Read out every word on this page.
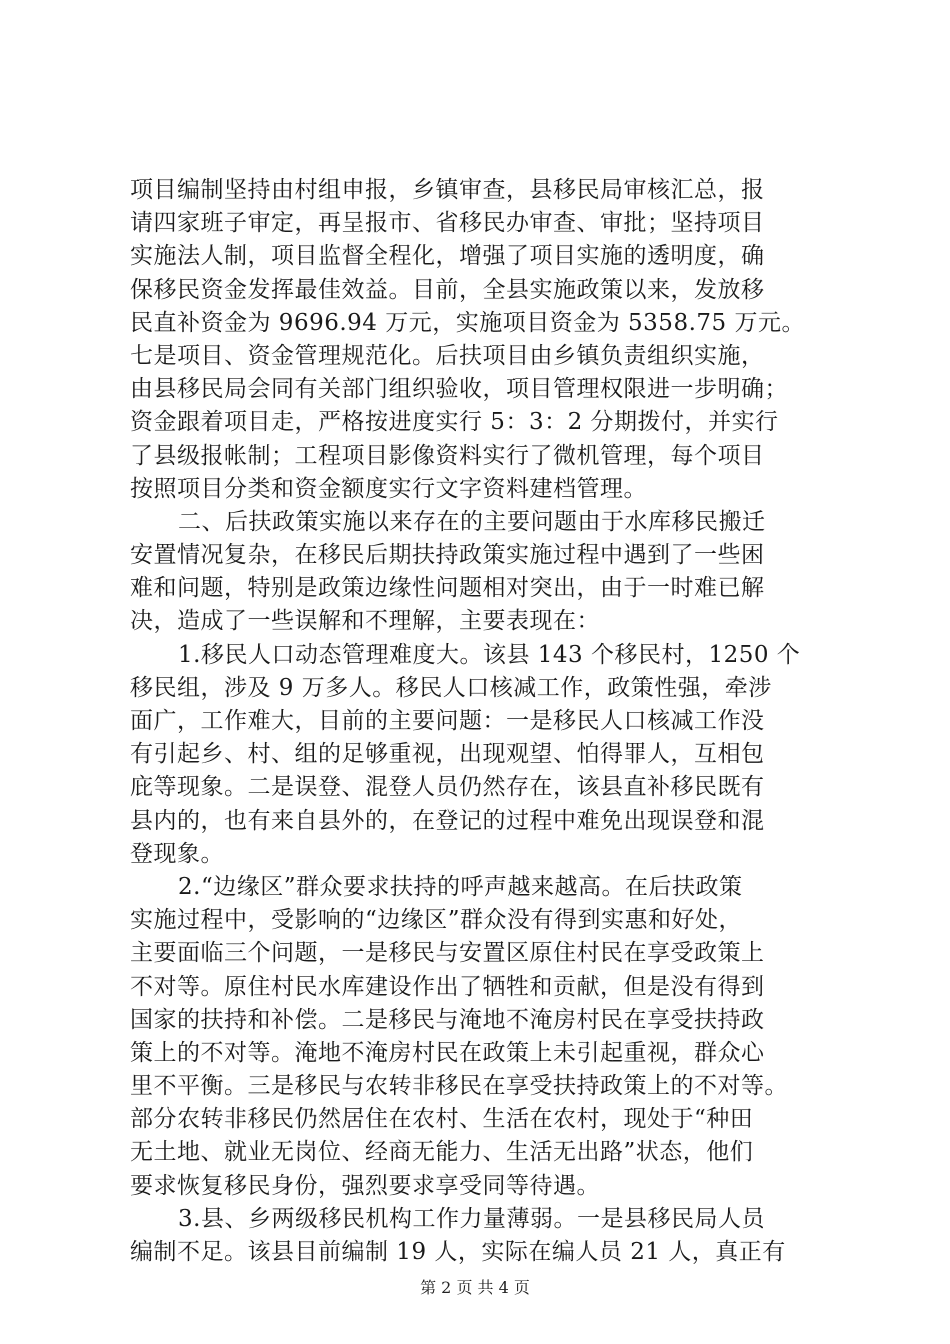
项目编制坚持由村组申报，乡镇审查，县移民局审核汇总，报
请四家班子审定，再呈报市、省移民办审查、审批；坚持项目
实施法人制，项目监督全程化，增强了项目实施的透明度，确
保移民资金发挥最佳效益。目前，全县实施政策以来，发放移
民直补资金为 9696.94 万元，实施项目资金为 5358.75 万元。
七是项目、资金管理规范化。后扶项目由乡镇负责组织实施，
由县移民局会同有关部门组织验收，项目管理权限进一步明确；
资金跟着项目走，严格按进度实行 5：3：2 分期拨付，并实行
了县级报帐制；工程项目影像资料实行了微机管理，每个项目
按照项目分类和资金额度实行文字资料建档管理。
二、后扶政策实施以来存在的主要问题由于水库移民搬迁
安置情况复杂，在移民后期扶持政策实施过程中遇到了一些困
难和问题，特别是政策边缘性问题相对突出，由于一时难已解
决，造成了一些误解和不理解，主要表现在：
1.移民人口动态管理难度大。该县 143 个移民村，1250 个
移民组，涉及 9 万多人。移民人口核减工作，政策性强，牵涉
面广，工作难大，目前的主要问题：一是移民人口核减工作没
有引起乡、村、组的足够重视，出现观望、怕得罪人，互相包
庇等现象。二是误登、混登人员仍然存在，该县直补移民既有
县内的，也有来自县外的，在登记的过程中难免出现误登和混
登现象。
2.“边缘区”群众要求扶持的呼声越来越高。在后扶政策
实施过程中，受影响的“边缘区”群众没有得到实惠和好处，
主要面临三个问题，一是移民与安置区原住村民在享受政策上
不对等。原住村民水库建设作出了牺牲和贡献，但是没有得到
国家的扶持和补偿。二是移民与淹地不淹房村民在享受扶持政
策上的不对等。淹地不淹房村民在政策上未引起重视，群众心
里不平衡。三是移民与农转非移民在享受扶持政策上的不对等。
部分农转非移民仍然居住在农村、生活在农村，现处于“种田
无土地、就业无岗位、经商无能力、生活无出路”状态，他们
要求恢复移民身份，强烈要求享受同等待遇。
3.县、乡两级移民机构工作力量薄弱。一是县移民局人员
编制不足。该县目前编制 19 人，实际在编人员 21 人，真正有
第 2 页 共 4 页
